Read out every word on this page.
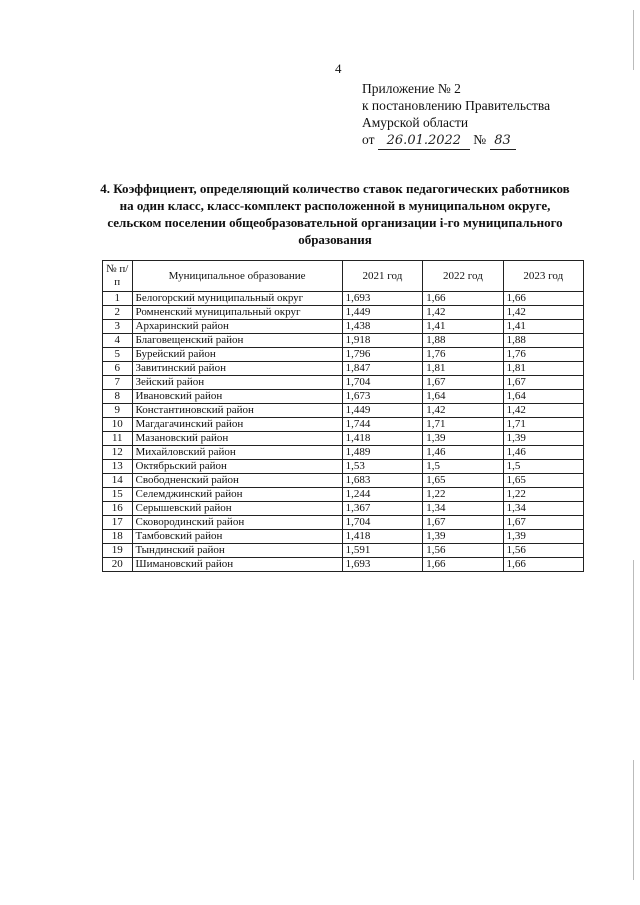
4
Приложение № 2
к постановлению Правительства
Амурской области
от 26.01.2022 № 83
4. Коэффициент, определяющий количество ставок педагогических работников на один класс, класс-комплект расположенной в муниципальном округе, сельском поселении общеобразовательной организации i-го муниципального образования
№ п/п	Муниципальное образование	2021 год	2022 год	2023 год
1	Белогорский муниципальный округ	1,693	1,66	1,66
2	Ромненский муниципальный округ	1,449	1,42	1,42
3	Архаринский район	1,438	1,41	1,41
4	Благовещенский район	1,918	1,88	1,88
5	Бурейский район	1,796	1,76	1,76
6	Завитинский район	1,847	1,81	1,81
7	Зейский район	1,704	1,67	1,67
8	Ивановский район	1,673	1,64	1,64
9	Константиновский район	1,449	1,42	1,42
10	Магдагачинский район	1,744	1,71	1,71
11	Мазановский район	1,418	1,39	1,39
12	Михайловский район	1,489	1,46	1,46
13	Октябрьский район	1,53	1,5	1,5
14	Свободненский район	1,683	1,65	1,65
15	Селемджинский район	1,244	1,22	1,22
16	Серышевский район	1,367	1,34	1,34
17	Сковородинский район	1,704	1,67	1,67
18	Тамбовский район	1,418	1,39	1,39
19	Тындинский район	1,591	1,56	1,56
20	Шимановский район	1,693	1,66	1,66
